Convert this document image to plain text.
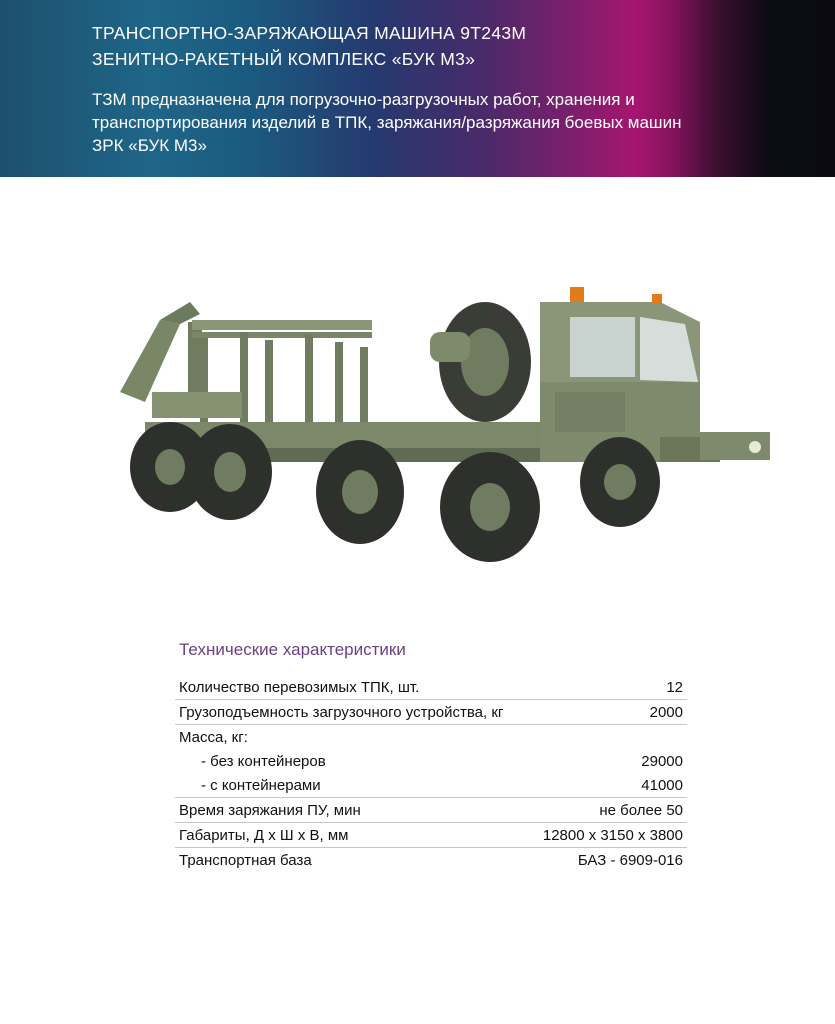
ТРАНСПОРТНО-ЗАРЯЖАЮЩАЯ МАШИНА 9Т243М
ЗЕНИТНО-РАКЕТНЫЙ КОМПЛЕКС «БУК М3»
ТЗМ предназначена для погрузочно-разгрузочных работ, хранения и
транспортирования изделий в ТПК, заряжания/разряжания боевых машин
ЗРК «БУК М3»
Технические характеристики
Количество перевозимых ТПК, шт.	12
Грузоподъемность загрузочного устройства, кг	2000
Масса, кг:	
- без контейнеров	29000
- с контейнерами	41000
Время заряжания ПУ, мин	не более 50
Габариты, Д х Ш х В, мм	12800 х 3150 х 3800
Транспортная база	БАЗ - 6909-016
